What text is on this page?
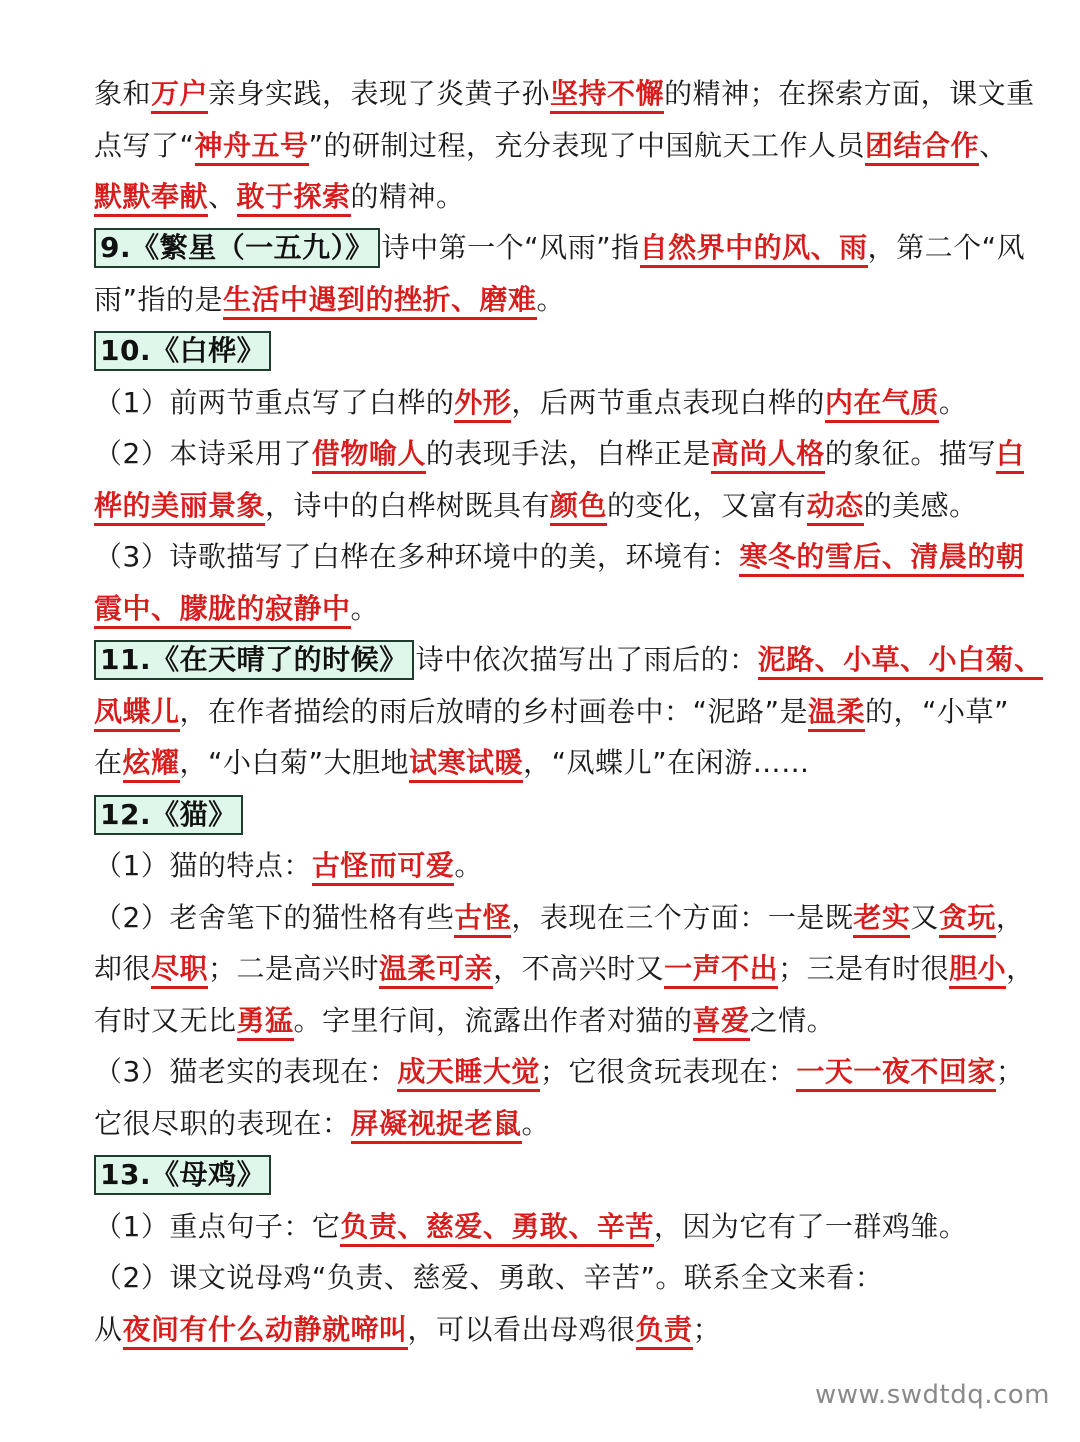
象和万户亲身实践，表现了炎黄子孙坚持不懈的精神；在探索方面，课文重
点写了“神舟五号”的研制过程，充分表现了中国航天工作人员团结合作、
默默奉献、敢于探索的精神。
9.《繁星（一五九）》 诗中第一个“风雨”指自然界中的风、雨，第二个“风
雨”指的是生活中遇到的挫折、磨难。
10.《白桦》
（1）前两节重点写了白桦的外形，后两节重点表现白桦的内在气质。
（2）本诗采用了借物喻人的表现手法，白桦正是高尚人格的象征。描写白
桦的美丽景象，诗中的白桦树既具有颜色的变化，又富有动态的美感。
（3）诗歌描写了白桦在多种环境中的美，环境有：寒冬的雪后、清晨的朝
霞中、朦胧的寂静中。
11.《在天晴了的时候》 诗中依次描写出了雨后的：泥路、小草、小白菊、
凤蝶儿，在作者描绘的雨后放晴的乡村画卷中：“泥路”是温柔的，“小草”
在炫耀，“小白菊”大胆地试寒试暖，“凤蝶儿”在闲游……
12.《猫》
（1）猫的特点：古怪而可爱。
（2）老舍笔下的猫性格有些古怪，表现在三个方面：一是既老实又贪玩，
却很尽职；二是高兴时温柔可亲，不高兴时又一声不出；三是有时很胆小，
有时又无比勇猛。字里行间，流露出作者对猫的喜爱之情。
（3）猫老实的表现在：成天睡大觉；它很贪玩表现在：一天一夜不回家；
它很尽职的表现在：屏凝视捉老鼠。
13.《母鸡》
（1）重点句子：它负责、慈爱、勇敢、辛苦，因为它有了一群鸡雏。
（2）课文说母鸡“负责、慈爱、勇敢、辛苦”。联系全文来看：
从夜间有什么动静就啼叫，可以看出母鸡很负责；
www.swdtdq.com
